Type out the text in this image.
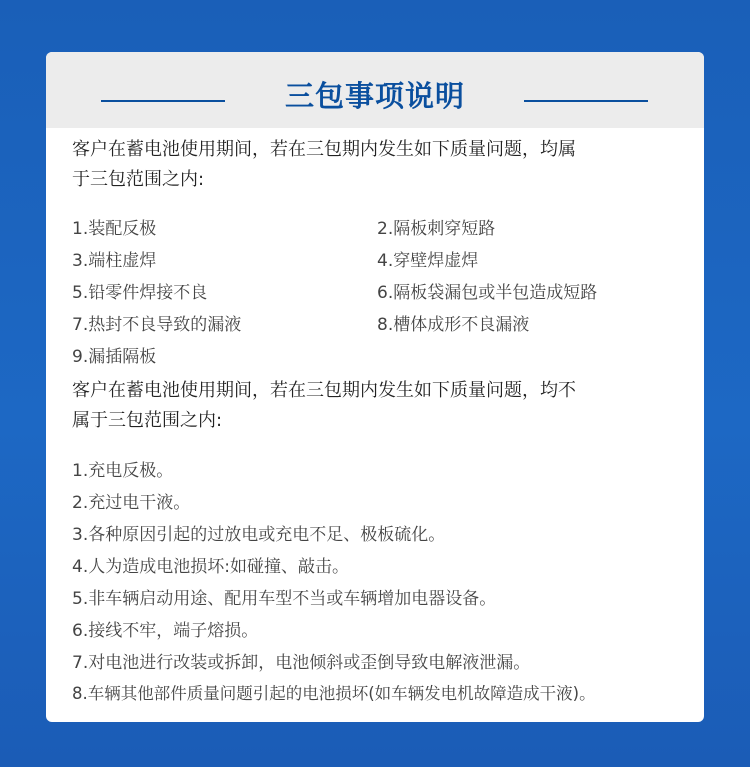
三包事项说明
客户在蓄电池使用期间，若在三包期内发生如下质量问题，均属
于三包范围之内:
1.装配反极	2.隔板刺穿短路
3.端柱虚焊	4.穿壁焊虚焊
5.铅零件焊接不良	6.隔板袋漏包或半包造成短路
7.热封不良导致的漏液	8.槽体成形不良漏液
9.漏插隔板
客户在蓄电池使用期间，若在三包期内发生如下质量问题，均不
属于三包范围之内:
1.充电反极。
2.充过电干液。
3.各种原因引起的过放电或充电不足、极板硫化。
4.人为造成电池损坏:如碰撞、敲击。
5.非车辆启动用途、配用车型不当或车辆增加电器设备。
6.接线不牢，端子熔损。
7.对电池进行改装或拆卸，电池倾斜或歪倒导致电解液泄漏。
8.车辆其他部件质量问题引起的电池损坏(如车辆发电机故障造成干液)。
